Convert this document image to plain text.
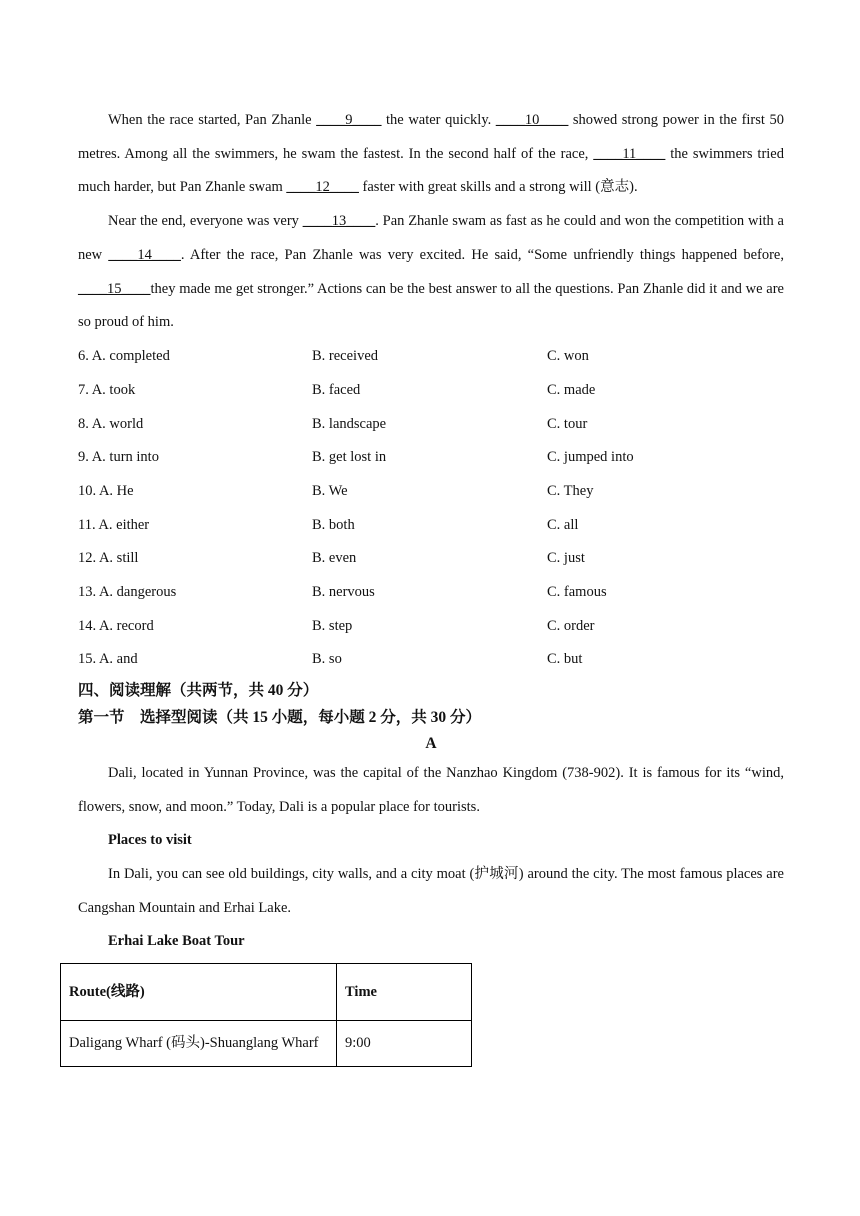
When the race started, Pan Zhanle ____9____ the water quickly. ____10____ showed strong power in the first 50 metres. Among all the swimmers, he swam the fastest. In the second half of the race, ____11____ the swimmers tried much harder, but Pan Zhanle swam ____12____ faster with great skills and a strong will (意志).

Near the end, everyone was very ____13____. Pan Zhanle swam as fast as he could and won the competition with a new ____14____. After the race, Pan Zhanle was very excited. He said, “Some unfriendly things happened before, ____15____they made me get stronger.” Actions can be the best answer to all the questions. Pan Zhanle did it and we are so proud of him.

6. A. completed	B. received	C. won
7. A. took	B. faced	C. made
8. A. world	B. landscape	C. tour
9. A. turn into	B. get lost in	C. jumped into
10. A. He	B. We	C. They
11. A. either	B. both	C. all
12. A. still	B. even	C. just
13. A. dangerous	B. nervous	C. famous
14. A. record	B. step	C. order
15. A. and	B. so	C. but

四、阅读理解（共两节，共 40 分）

第一节    选择型阅读（共 15 小题，每小题 2 分，共 30 分）

A

Dali, located in Yunnan Province, was the capital of the Nanzhao Kingdom (738-902). It is famous for its “wind, flowers, snow, and moon.” Today, Dali is a popular place for tourists.

Places to visit

In Dali, you can see old buildings, city walls, and a city moat (护城河) around the city. The most famous places are Cangshan Mountain and Erhai Lake.

Erhai Lake Boat Tour

Route(线路)	Time
Daligang Wharf (码头)-Shuanglang Wharf	9:00
